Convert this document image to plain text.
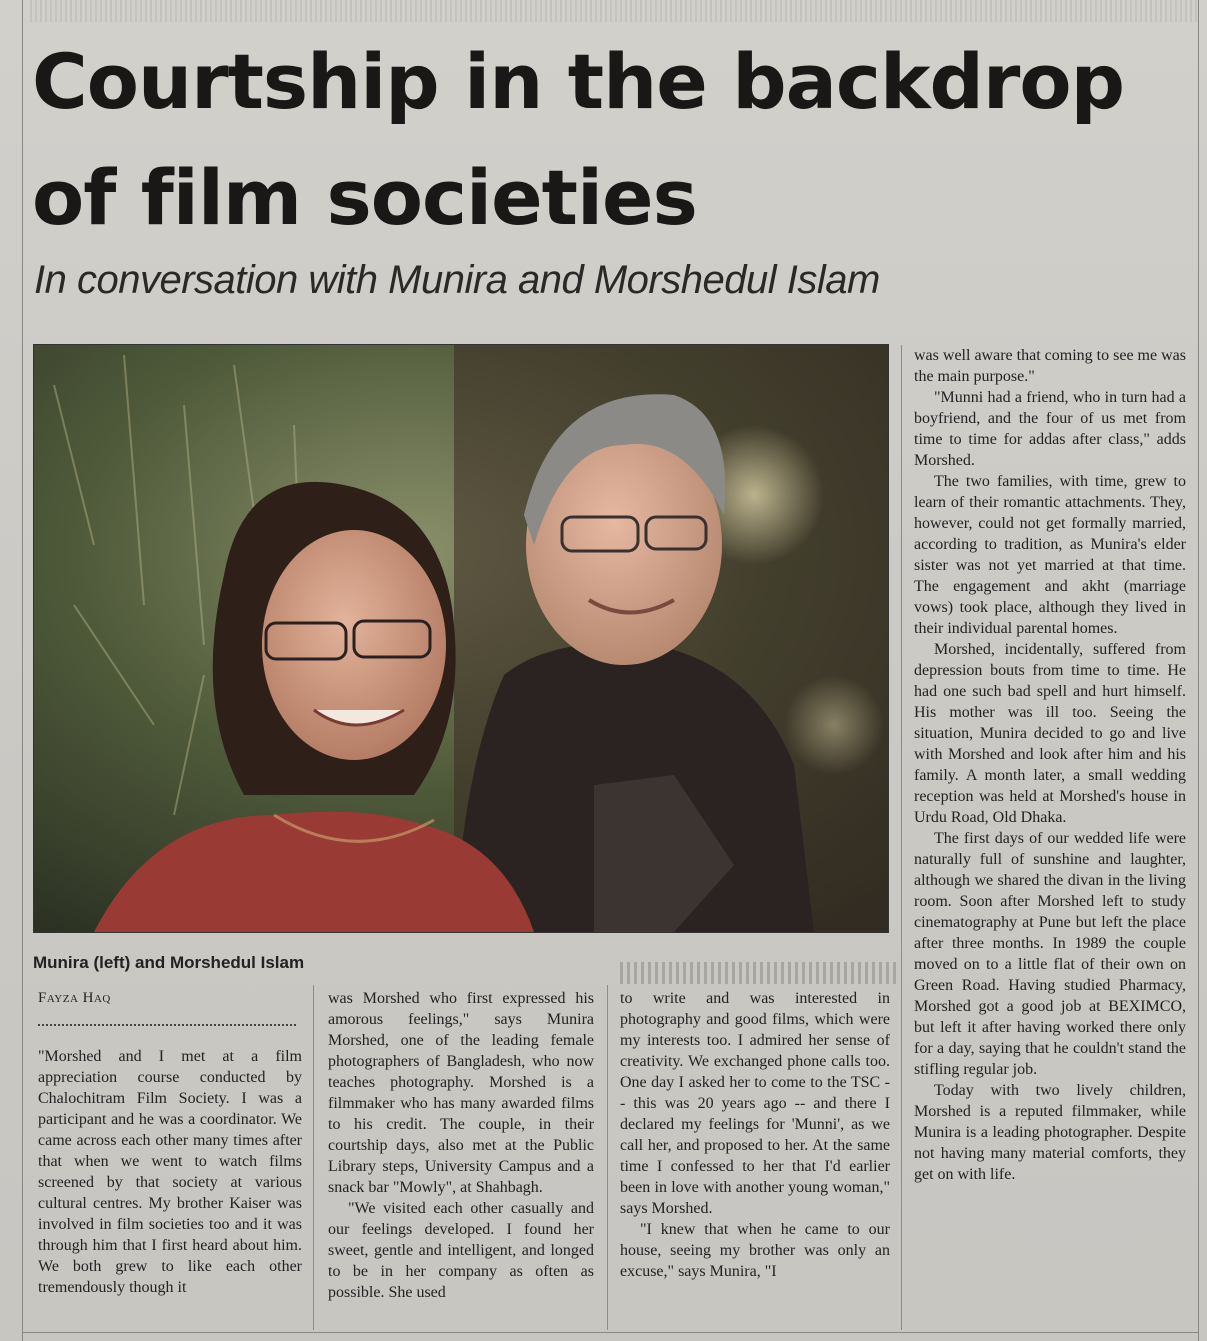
Courtship in the backdrop of film societies
In conversation with Munira and Morshedul Islam
Munira (left) and Morshedul Islam
Fayza Haq

"Morshed and I met at a film appreciation course conducted by Chalochitram Film Society. I was a participant and he was a coordinator. We came across each other many times after that when we went to watch films screened by that society at various cultural centres. My brother Kaiser was involved in film societies too and it was through him that I first heard about him. We both grew to like each other tremendously though it

was Morshed who first expressed his amorous feelings," says Munira Morshed, one of the leading female photographers of Bangladesh, who now teaches photography. Morshed is a filmmaker who has many awarded films to his credit. The couple, in their courtship days, also met at the Public Library steps, University Campus and a snack bar "Mowly", at Shahbagh.

"We visited each other casually and our feelings developed. I found her sweet, gentle and intelligent, and longed to be in her company as often as possible. She used

to write and was interested in photography and good films, which were my interests too. I admired her sense of creativity. We exchanged phone calls too. One day I asked her to come to the TSC -- this was 20 years ago -- and there I declared my feelings for 'Munni', as we call her, and proposed to her. At the same time I confessed to her that I'd earlier been in love with another young woman," says Morshed.

"I knew that when he came to our house, seeing my brother was only an excuse," says Munira, "I

was well aware that coming to see me was the main purpose."

"Munni had a friend, who in turn had a boyfriend, and the four of us met from time to time for addas after class," adds Morshed.

The two families, with time, grew to learn of their romantic attachments. They, however, could not get formally married, according to tradition, as Munira's elder sister was not yet married at that time. The engagement and akht (marriage vows) took place, although they lived in their individual parental homes.

Morshed, incidentally, suffered from depression bouts from time to time. He had one such bad spell and hurt himself. His mother was ill too. Seeing the situation, Munira decided to go and live with Morshed and look after him and his family. A month later, a small wedding reception was held at Morshed's house in Urdu Road, Old Dhaka.

The first days of our wedded life were naturally full of sunshine and laughter, although we shared the divan in the living room. Soon after Morshed left to study cinematography at Pune but left the place after three months. In 1989 the couple moved on to a little flat of their own on Green Road. Having studied Pharmacy, Morshed got a good job at BEXIMCO, but left it after having worked there only for a day, saying that he couldn't stand the stifling regular job.

Today with two lively children, Morshed is a reputed filmmaker, while Munira is a leading photographer. Despite not having many material comforts, they get on with life.
